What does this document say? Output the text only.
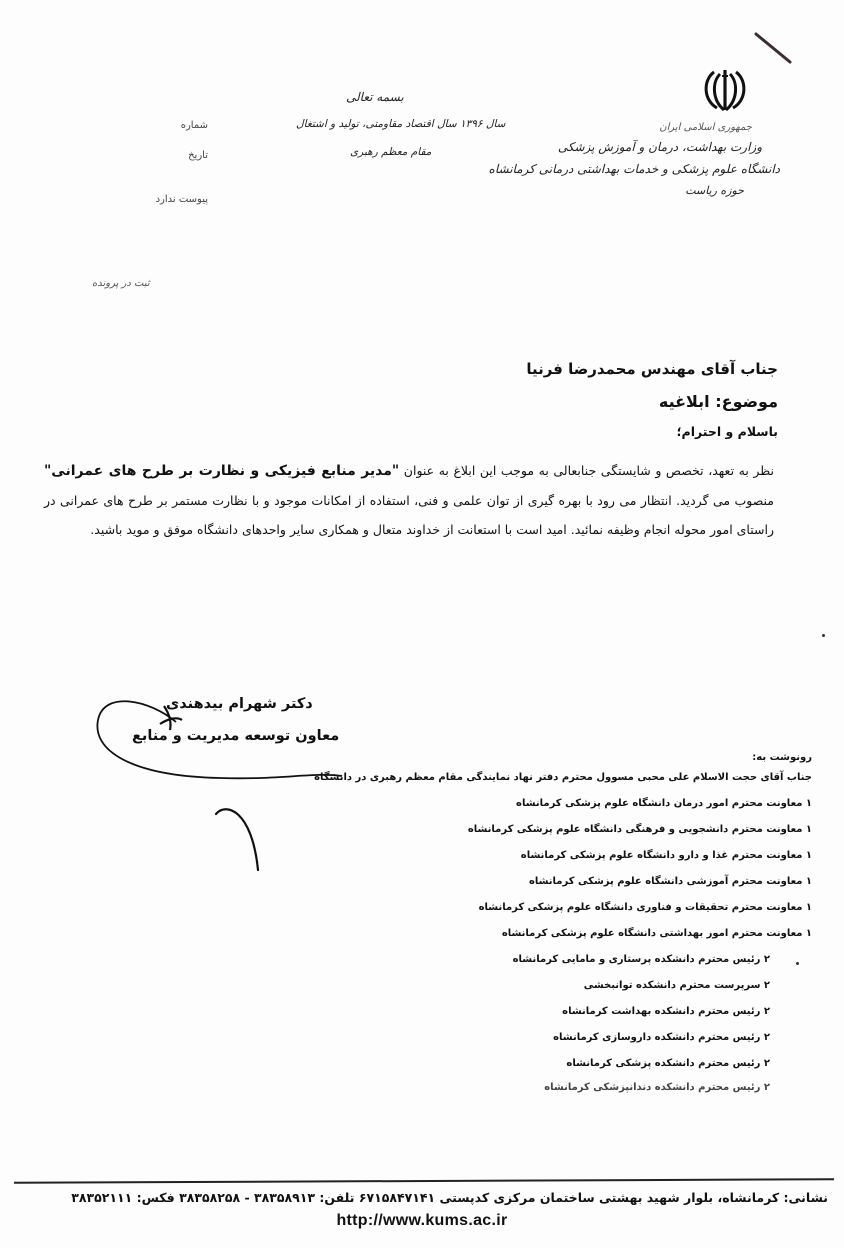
جمهوری اسلامی ایران
وزارت بهداشت، درمان و آموزش پزشکی
دانشگاه علوم پزشکی و خدمات بهداشتی درمانی کرمانشاه
حوزه ریاست
بسمه تعالی
سال ۱۳۹۶ سال اقتصاد مقاومتی، تولید و اشتغال
مقام معظم رهبری
شماره
تاریخ
پیوست ندارد
ثبت در پرونده
جناب آقای مهندس محمدرضا فرنیا
موضوع: ابلاغیه
باسلام و احترام؛
نظر به تعهد، تخصص و شایستگی جنابعالی به موجب این ابلاغ به عنوان "مدیر منابع فیزیکی و نظارت بر طرح های عمرانی" منصوب می گردید. انتظار می رود با بهره گیری از توان علمی و فنی، استفاده از امکانات موجود و با نظارت مستمر بر طرح های عمرانی در راستای امور محوله انجام وظیفه نمائید. امید است با استعانت از خداوند متعال و همکاری سایر واحدهای دانشگاه موفق و موید باشید.
دکتر شهرام بیدهندی
معاون توسعه مدیریت و منابع
رونوشت به:
جناب آقای حجت الاسلام علی محبی مسوول محترم دفتر نهاد نمایندگی مقام معظم رهبری در دانشگاه
۱ معاونت محترم امور درمان دانشگاه علوم پزشکی کرمانشاه
۱ معاونت محترم دانشجویی و فرهنگی دانشگاه علوم پزشکی کرمانشاه
۱ معاونت محترم غذا و دارو دانشگاه علوم پزشکی کرمانشاه
۱ معاونت محترم آموزشی دانشگاه علوم پزشکی کرمانشاه
۱ معاونت محترم تحقیقات و فناوری دانشگاه علوم پزشکی کرمانشاه
۱ معاونت محترم امور بهداشتی دانشگاه علوم پزشکی کرمانشاه
۲ رئیس محترم دانشکده پرستاری و مامایی کرمانشاه
۲ سرپرست محترم دانشکده توانبخشی
۲ رئیس محترم دانشکده بهداشت کرمانشاه
۲ رئیس محترم دانشکده داروسازی کرمانشاه
۲ رئیس محترم دانشکده پزشکی کرمانشاه
۲ رئیس محترم دانشکده دندانپزشکی کرمانشاه
نشانی: کرمانشاه، بلوار شهید بهشتی ساختمان مرکزی کدپستی ۶۷۱۵۸۴۷۱۴۱ تلفن: ۳۸۳۵۸۹۱۳ - ۳۸۳۵۸۲۵۸ فکس: ۳۸۳۵۲۱۱۱
http://www.kums.ac.ir
